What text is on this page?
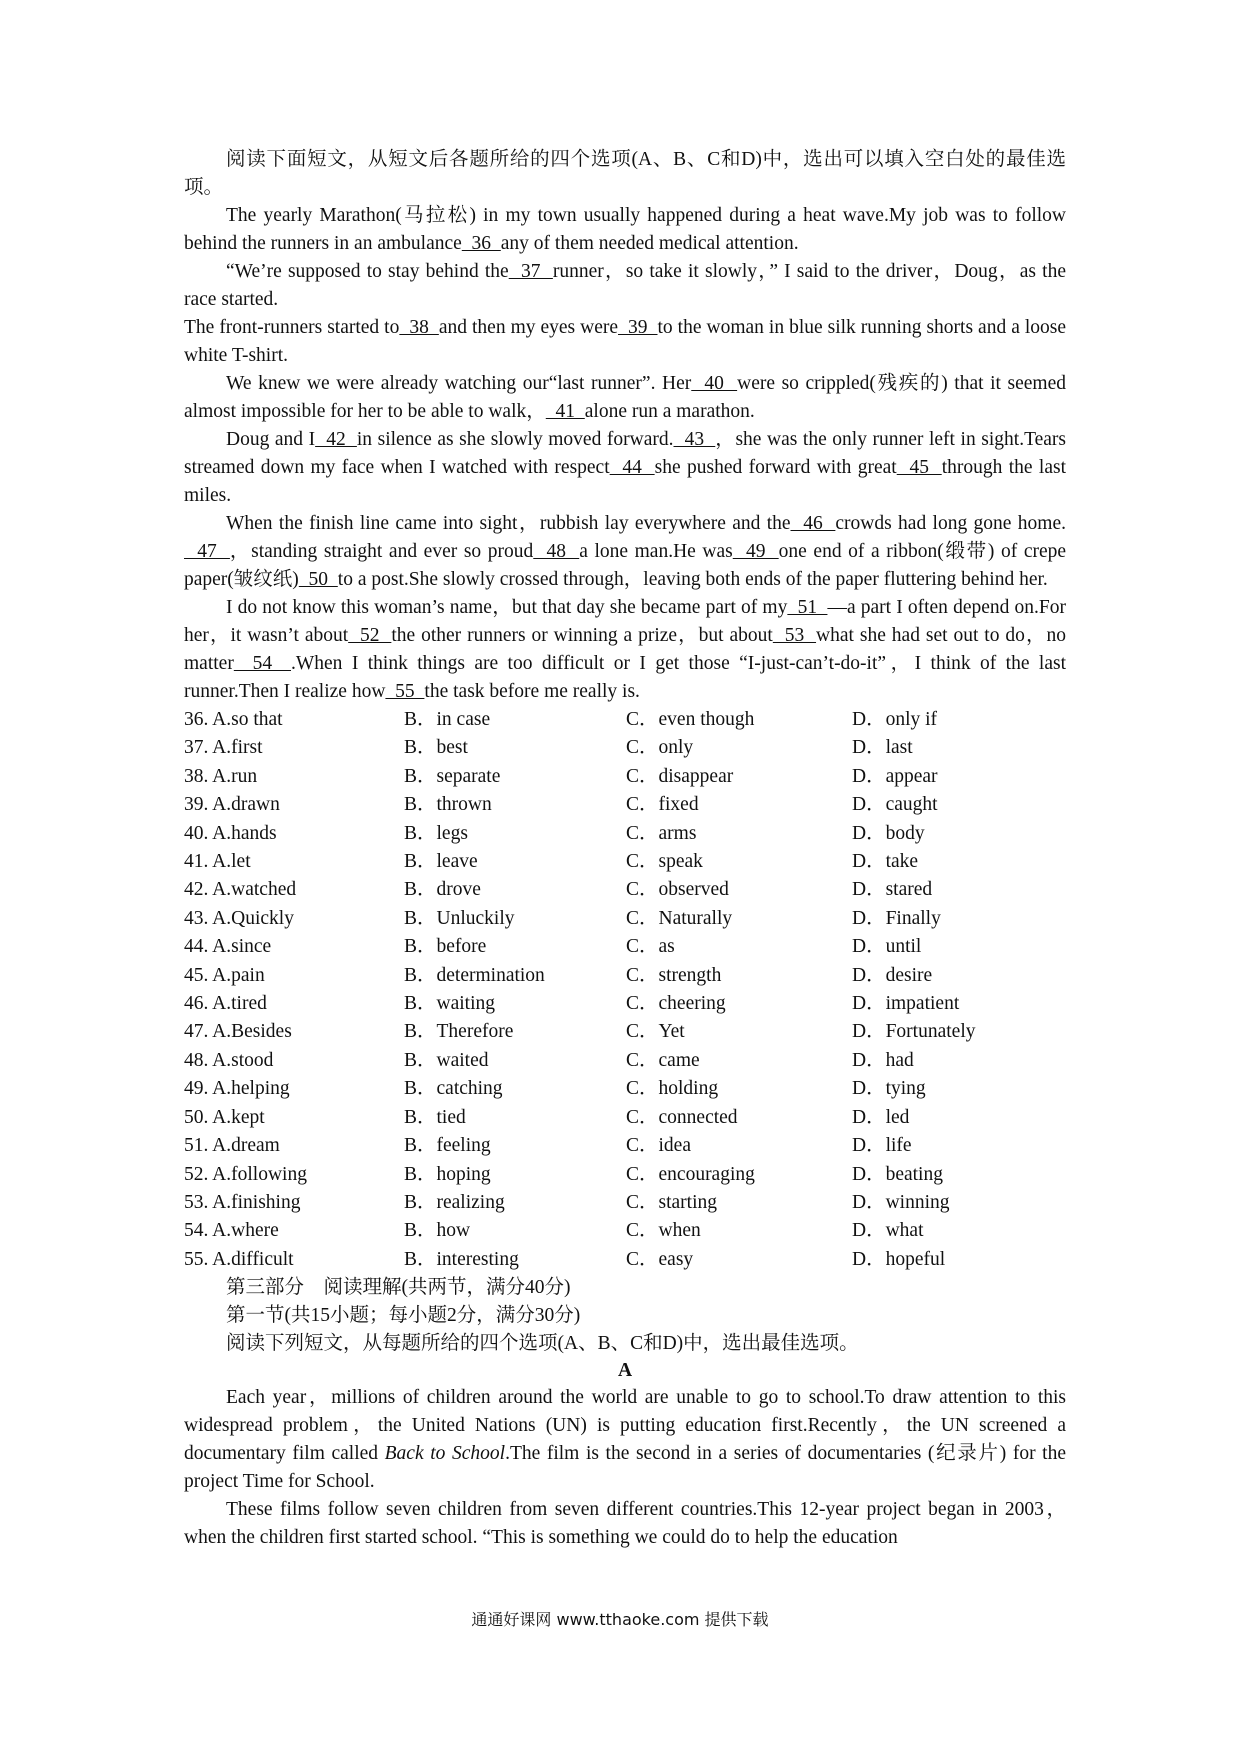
阅读下面短文，从短文后各题所给的四个选项(A、B、C和D)中，选出可以填入空白处的最佳选项。

The yearly Marathon(马拉松) in my town usually happened during a heat wave.My job was to follow behind the runners in an ambulance  36  any of them needed medical attention.

“We’re supposed to stay behind the  37  runner，so take it slowly，” I said to the driver，Doug，as the race started.

The front-runners started to  38  and then my eyes were  39  to the woman in blue silk running shorts and a loose white T-shirt.

We knew we were already watching our“last runner”. Her  40  were so crippled(残疾的) that it seemed almost impossible for her to be able to walk，  41  alone run a marathon.

Doug and I  42  in silence as she slowly moved forward.  43  ，she was the only runner left in sight.Tears streamed down my face when I watched with respect  44  she pushed forward with great  45  through the last miles.

When the finish line came into sight，rubbish lay everywhere and the  46  crowds had long gone home.  47  ，standing straight and ever so proud  48  a lone man.He was  49  one end of a ribbon(缎带) of crepe paper(皱纹纸)  50  to a post.She slowly crossed through，leaving both ends of the paper fluttering behind her.

I do not know this woman’s name，but that day she became part of my  51  —a part I often depend on.For her，it wasn’t about  52  the other runners or winning a prize，but about  53  what she had set out to do，no matter  54  .When I think things are too difficult or I get those “I-just-can’t-do-it”，I think of the last runner.Then I realize how  55  the task before me really is.

36. A.so that	B．in case	C．even though	D．only if
37. A.first	B．best	C．only	D．last
38. A.run	B．separate	C．disappear	D．appear
39. A.drawn	B．thrown	C．fixed	D．caught
40. A.hands	B．legs	C．arms	D．body
41. A.let	B．leave	C．speak	D．take
42. A.watched	B．drove	C．observed	D．stared
43. A.Quickly	B．Unluckily	C．Naturally	D．Finally
44. A.since	B．before	C．as	D．until
45. A.pain	B．determination	C．strength	D．desire
46. A.tired	B．waiting	C．cheering	D．impatient
47. A.Besides	B．Therefore	C．Yet	D．Fortunately
48. A.stood	B．waited	C．came	D．had
49. A.helping	B．catching	C．holding	D．tying
50. A.kept	B．tied	C．connected	D．led
51. A.dream	B．feeling	C．idea	D．life
52. A.following	B．hoping	C．encouraging	D．beating
53. A.finishing	B．realizing	C．starting	D．winning
54. A.where	B．how	C．when	D．what
55. A.difficult	B．interesting	C．easy	D．hopeful

第三部分　阅读理解(共两节，满分40分)

第一节(共15小题；每小题2分，满分30分)

阅读下列短文，从每题所给的四个选项(A、B、C和D)中，选出最佳选项。

A

Each year，millions of children around the world are unable to go to school.To draw attention to this widespread problem，the United Nations (UN) is putting education first.Recently，the UN screened a documentary film called Back to School.The film is the second in a series of documentaries (纪录片) for the project Time for School.

These films follow seven children from seven different countries.This 12-year project began in 2003，when the children first started school. “This is something we could do to help the education

通通好课网 www.tthaoke.com 提供下载
